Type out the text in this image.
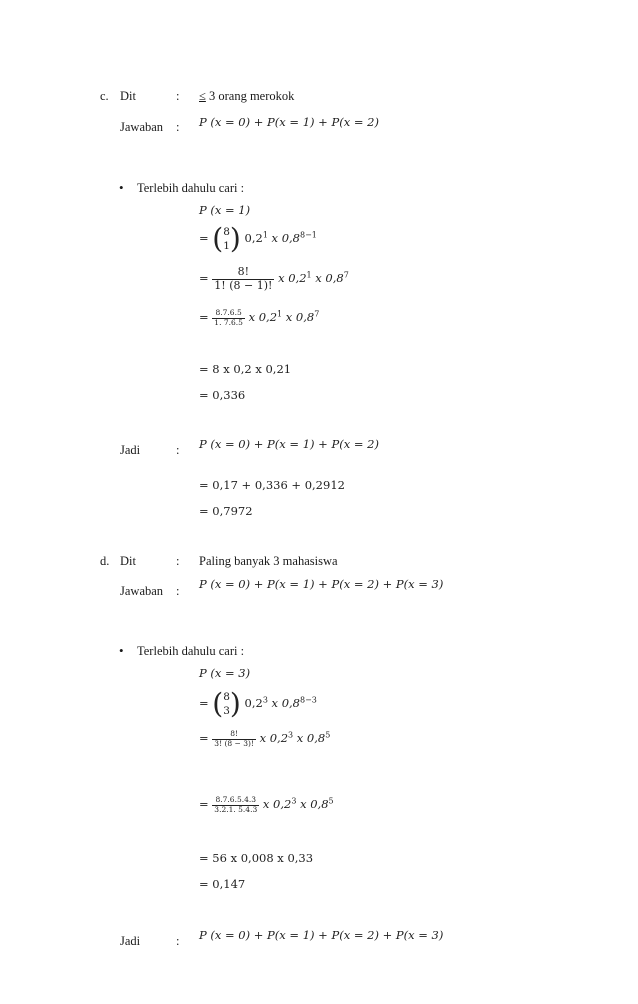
c. Dit	: ≤ 3 orang merokok
Jawaban : P (x = 0) + P(x = 1) + P(x = 2)
• Terlebih dahulu cari :
P (x = 1)
= (8
1) $0,2^1$ x $0,8^{8-1}$
= $\frac{8!}{1! (8 - 1)!}$ x $0,2^1$ x $0,8^7$
= $\frac{8.7.6.5}{1. 7.6.5}$ x $0,2^1$ x $0,8^7$
= 8 x 0,2 x 0,21
= 0,336
Jadi	: P (x = 0) + P(x = 1) + P(x = 2)
= 0,17 + 0,336 + 0,2912
= 0,7972
d. Dit	: Paling banyak 3 mahasiswa
Jawaban : P (x = 0) + P(x = 1) + P(x = 2) + P(x = 3)
• Terlebih dahulu cari :
P (x = 3)
= (8
3) $0,2^3$ x $0,8^{8-3}$
= $\frac{8!}{3! (8 - 3)!}$ x $0,2^3$ x $0,8^5$
= $\frac{8.7.6.5.4.3}{3.2.1. 5.4.3}$ x $0,2^3$ x $0,8^5$
= 56 x 0,008 x 0,33
= 0,147
Jadi	: P (x = 0) + P(x = 1) + P(x = 2) + P(x = 3)
